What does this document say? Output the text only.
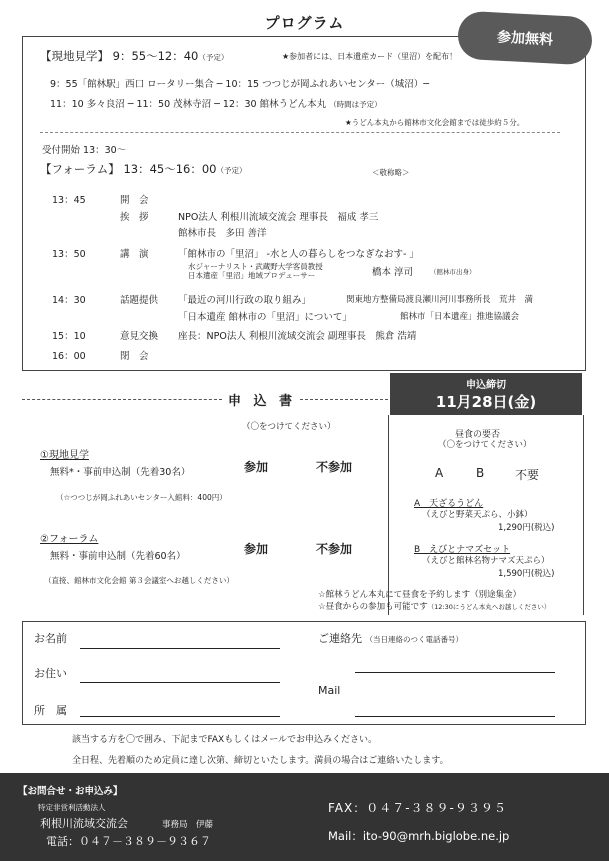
プログラム
参加無料
【現地見学】 9：55～12：40（予定）	★参加者には、日本遺産カード（里沼）を配布！
9：55「館林駅」西口 ロータリー集合 ─ 10：15 つつじが岡ふれあいセンター（城沼）─
11：10 多々良沼 ─ 11：50 茂林寺沼 ─ 12：30 館林うどん本丸 （時間は予定）
★うどん本丸から館林市文化会館までは徒歩約５分。
受付開始 13：30～
【フォーラム】 13：45～16：00（予定）	＜敬称略＞
13：45	開　会
挨　拶	NPO法人 利根川流域交流会 理事長　福成 孝三
館林市長　多田 善洋
13：50	講　演	「館林市の「里沼」 -水と人の暮らしをつなぎなおす- 」
水ジャーナリスト・武蔵野大学客員教授
日本遺産「里沼」地域プロデューサー	橋本 淳司	（館林市出身）
14：30	話題提供 「最近の河川行政の取り組み」	関東地方整備局渡良瀬川河川事務所長　荒井　満
「日本遺産 館林市の「里沼」について」	館林市「日本遺産」推進協議会
15：10	意見交換 座長：NPO法人 利根川流域交流会 副理事長　熊倉 浩靖
16：00	閉　会
申 込 書
申込締切
11月28日(金)
（〇をつけてください）
①現地見学
無料*・事前申込制（先着30名）
（☆つつじが岡ふれあいセンター入館料：400円）
参加	不参加
②フォーラム
無料・事前申込制（先着60名）
（直接、館林市文化会館 第３会議室へお越しください）
参加	不参加
昼食の要否
（〇をつけてください）
A	B	不要
A　天ざるうどん
（えびと野菜天ぷら、小鉢）
1,290円(税込)
B　えびとナマズセット
（えびと館林名物ナマズ天ぷら）
1,590円(税込)
☆館林うどん本丸にて昼食を予約します（別途集金）
☆昼食からの参加も可能です（12:30にうどん本丸へお越しください）
お名前
お住い
所　属
ご連絡先 （当日連絡のつく電話番号）
Mail
該当する方を〇で囲み、下記までFAXもしくはメールでお申込みください。
全日程、先着順のため定員に達し次第、締切といたします。満員の場合はご連絡いたします。
【お問合せ・お申込み】
特定非営利活動法人
利根川流域交流会	事務局　伊藤
電話：０４７－３８９－９３６７
FAX：０４７-３８９-９３９５
Mail：ito-90@mrh.biglobe.ne.jp
